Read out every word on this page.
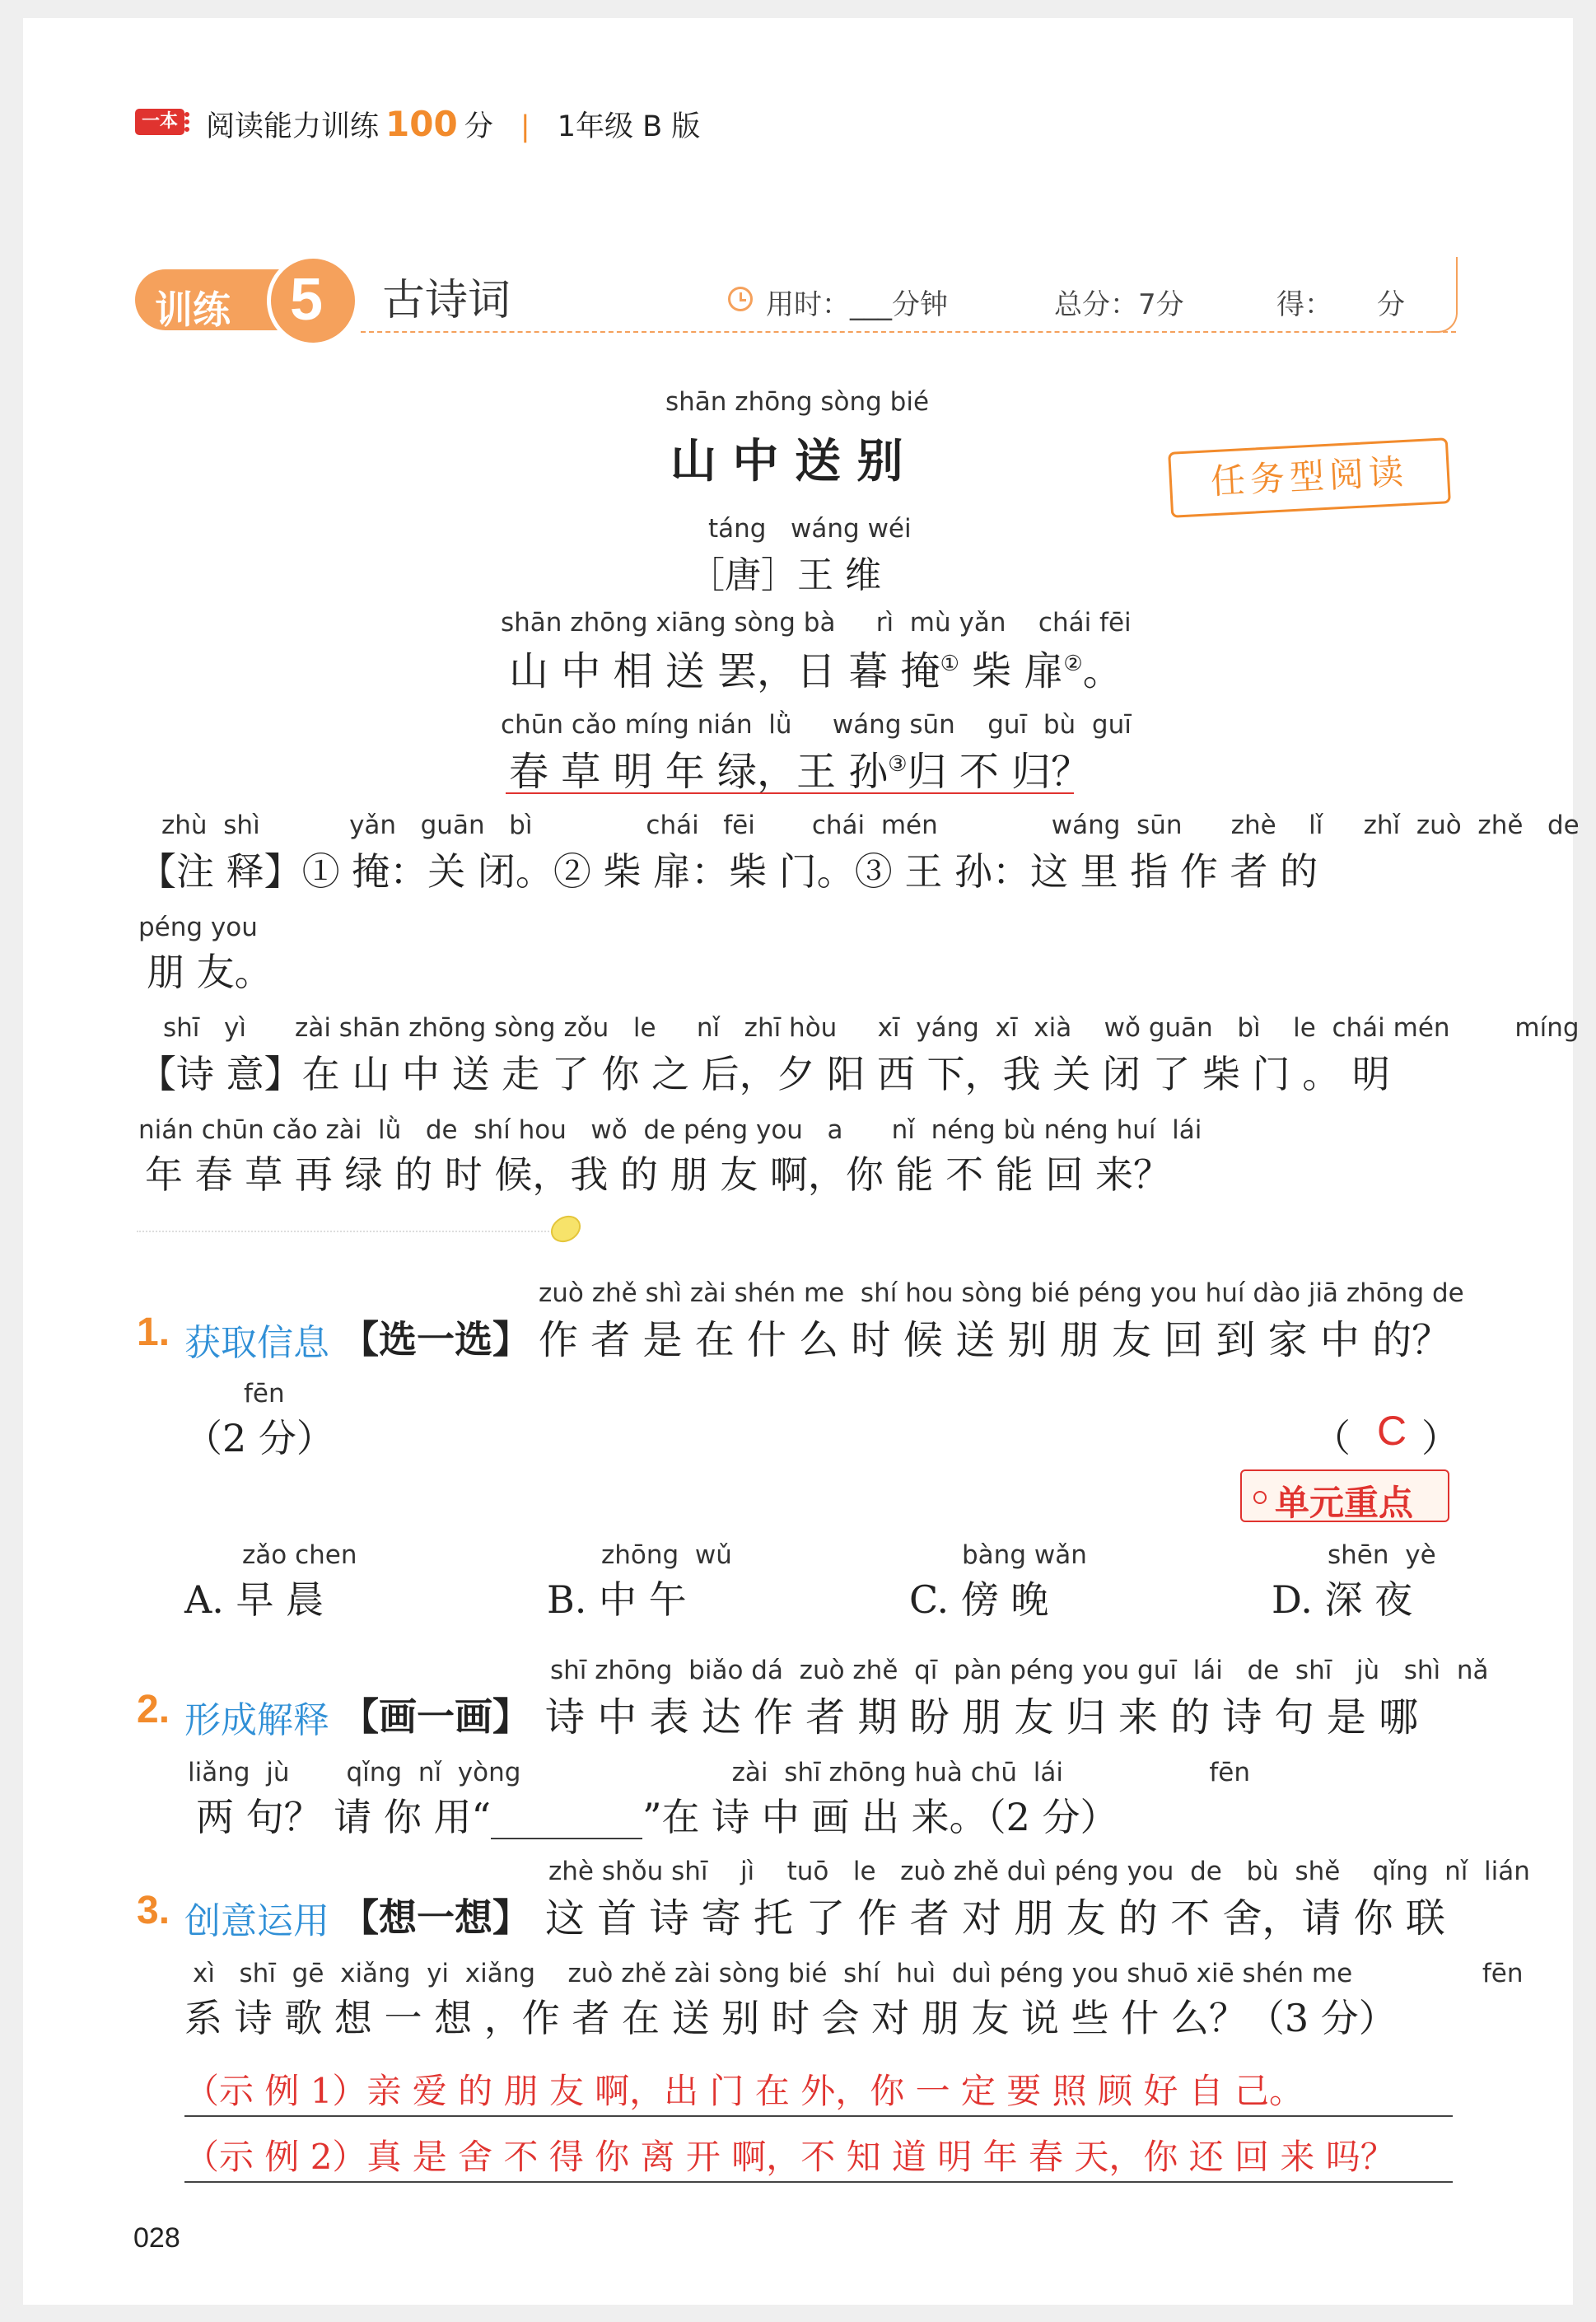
一本 阅读能力训练 100 分 | 1年级 B 版
训练 5 古诗词	用时：___分钟	总分：7分	得： 分
shān zhōng sòng bié
山 中 送 别	任务型阅读
táng   wáng wéi
［唐］王 维
shān zhōng xiāng sòng bà     rì  mù yǎn    chái fēi
山 中 相 送 罢，日 暮 掩① 柴 扉②。
chūn cǎo míng nián  lǜ     wáng sūn    guī  bù  guī
春 草 明 年 绿，王 孙③归 不 归？
zhù  shì           yǎn   guān   bì              chái   fēi       chái  mén              wáng  sūn      zhè    lǐ     zhǐ  zuò  zhě   de
【注 释】① 掩：关 闭。② 柴 扉：柴 门。③ 王 孙：这 里 指 作 者 的
péng you
朋 友。
shī   yì      zài shān zhōng sòng zǒu   le     nǐ   zhī hòu     xī  yáng  xī  xià    wǒ guān   bì    le  chái mén        míng
【诗 意】在 山 中 送 走 了 你 之 后，夕 阳 西 下，我 关 闭 了 柴 门 。 明
nián chūn cǎo zài  lǜ   de  shí hou   wǒ  de péng you   a      nǐ  néng bù néng huí  lái
年 春 草 再 绿 的 时 候，我 的 朋 友 啊，你 能 不 能 回 来？
zuò zhě shì zài shén me  shí hou sòng bié péng you huí dào jiā zhōng de
1. 获取信息 【选一选】 作 者 是 在 什 么 时 候 送 别 朋 友 回 到 家 中 的？
fēn
（2 分）	（ C ）
单元重点
zǎo chen
A. 早 晨
zhōng  wǔ
B. 中 午
bàng wǎn
C. 傍 晚
shēn  yè
D. 深 夜
shī zhōng  biǎo dá  zuò zhě  qī  pàn péng you guī  lái   de  shī   jù   shì  nǎ
2. 形成解释 【画一画】 诗 中 表 达 作 者 期 盼 朋 友 归 来 的 诗 句 是 哪
liǎng  jù       qǐng  nǐ  yòng                          zài  shī zhōng huà chū  lái                  fēn
两 句？ 请 你 用“________”在 诗 中 画 出 来。（2 分）
zhè shǒu shī    jì    tuō   le   zuò zhě duì péng you  de   bù  shě    qǐng  nǐ  lián
3. 创意运用 【想一想】 这 首 诗 寄 托 了 作 者 对 朋 友 的 不 舍，请 你 联
xì   shī  gē  xiǎng  yi  xiǎng    zuò zhě zài sòng bié  shí  huì  duì péng you shuō xiē shén me                fēn
系 诗 歌 想 一 想 ，作 者 在 送 别 时 会 对 朋 友 说 些 什 么？（3 分）
（示 例 1）亲 爱 的 朋 友 啊，出 门 在 外，你 一 定 要 照 顾 好 自 己。
（示 例 2）真 是 舍 不 得 你 离 开 啊，不 知 道 明 年 春 天，你 还 回 来 吗？
028
